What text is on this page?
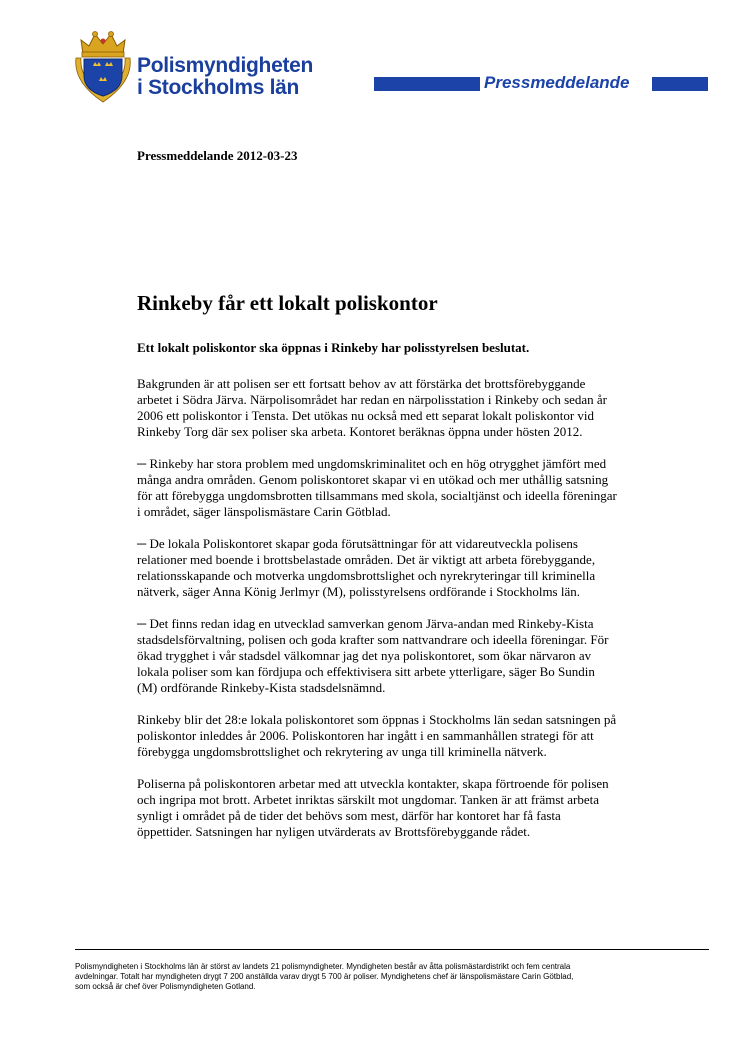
Polismyndigheten
i Stockholms län	Pressmeddelande
Pressmeddelande 2012-03-23
Rinkeby får ett lokalt poliskontor
Ett lokalt poliskontor ska öppnas i Rinkeby har polisstyrelsen beslutat.

Bakgrunden är att polisen ser ett fortsatt behov av att förstärka det brottsförebyggande
arbetet i Södra Järva. Närpolisområdet har redan en närpolisstation i Rinkeby och sedan år
2006 ett poliskontor i Tensta. Det utökas nu också med ett separat lokalt poliskontor vid
Rinkeby Torg där sex poliser ska arbeta. Kontoret beräknas öppna under hösten 2012.

─ Rinkeby har stora problem med ungdomskriminalitet och en hög otrygghet jämfört med
många andra områden. Genom poliskontoret skapar vi en utökad och mer uthållig satsning
för att förebygga ungdomsbrotten tillsammans med skola, socialtjänst och ideella föreningar
i området, säger länspolismästare Carin Götblad.

─ De lokala Poliskontoret skapar goda förutsättningar för att vidareutveckla polisens
relationer med boende i brottsbelastade områden. Det är viktigt att arbeta förebyggande,
relationsskapande och motverka ungdomsbrottslighet och nyrekryteringar till kriminella
nätverk, säger Anna König Jerlmyr (M), polisstyrelsens ordförande i Stockholms län.

─ Det finns redan idag en utvecklad samverkan genom Järva-andan med Rinkeby-Kista
stadsdelsförvaltning, polisen och goda krafter som nattvandrare och ideella föreningar. För
ökad trygghet i vår stadsdel välkomnar jag det nya poliskontoret, som ökar närvaron av
lokala poliser som kan fördjupa och effektivisera sitt arbete ytterligare, säger Bo Sundin
(M) ordförande Rinkeby-Kista stadsdelsnämnd.

Rinkeby blir det 28:e lokala poliskontoret som öppnas i Stockholms län sedan satsningen på
poliskontor inleddes år 2006. Poliskontoren har ingått i en sammanhållen strategi för att
förebygga ungdomsbrottslighet och rekrytering av unga till kriminella nätverk.

Poliserna på poliskontoren arbetar med att utveckla kontakter, skapa förtroende för polisen
och ingripa mot brott. Arbetet inriktas särskilt mot ungdomar. Tanken är att främst arbeta
synligt i området på de tider det behövs som mest, därför har kontoret har få fasta
öppettider. Satsningen har nyligen utvärderats av Brottsförebyggande rådet.

Polismyndigheten i Stockholms län är störst av landets 21 polismyndigheter. Myndigheten består av åtta polismästardistrikt och fem centrala
avdelningar. Totalt har myndigheten drygt 7 200 anställda varav drygt 5 700 är poliser. Myndighetens chef är länspolismästare Carin Götblad,
som också är chef över Polismyndigheten Gotland.
